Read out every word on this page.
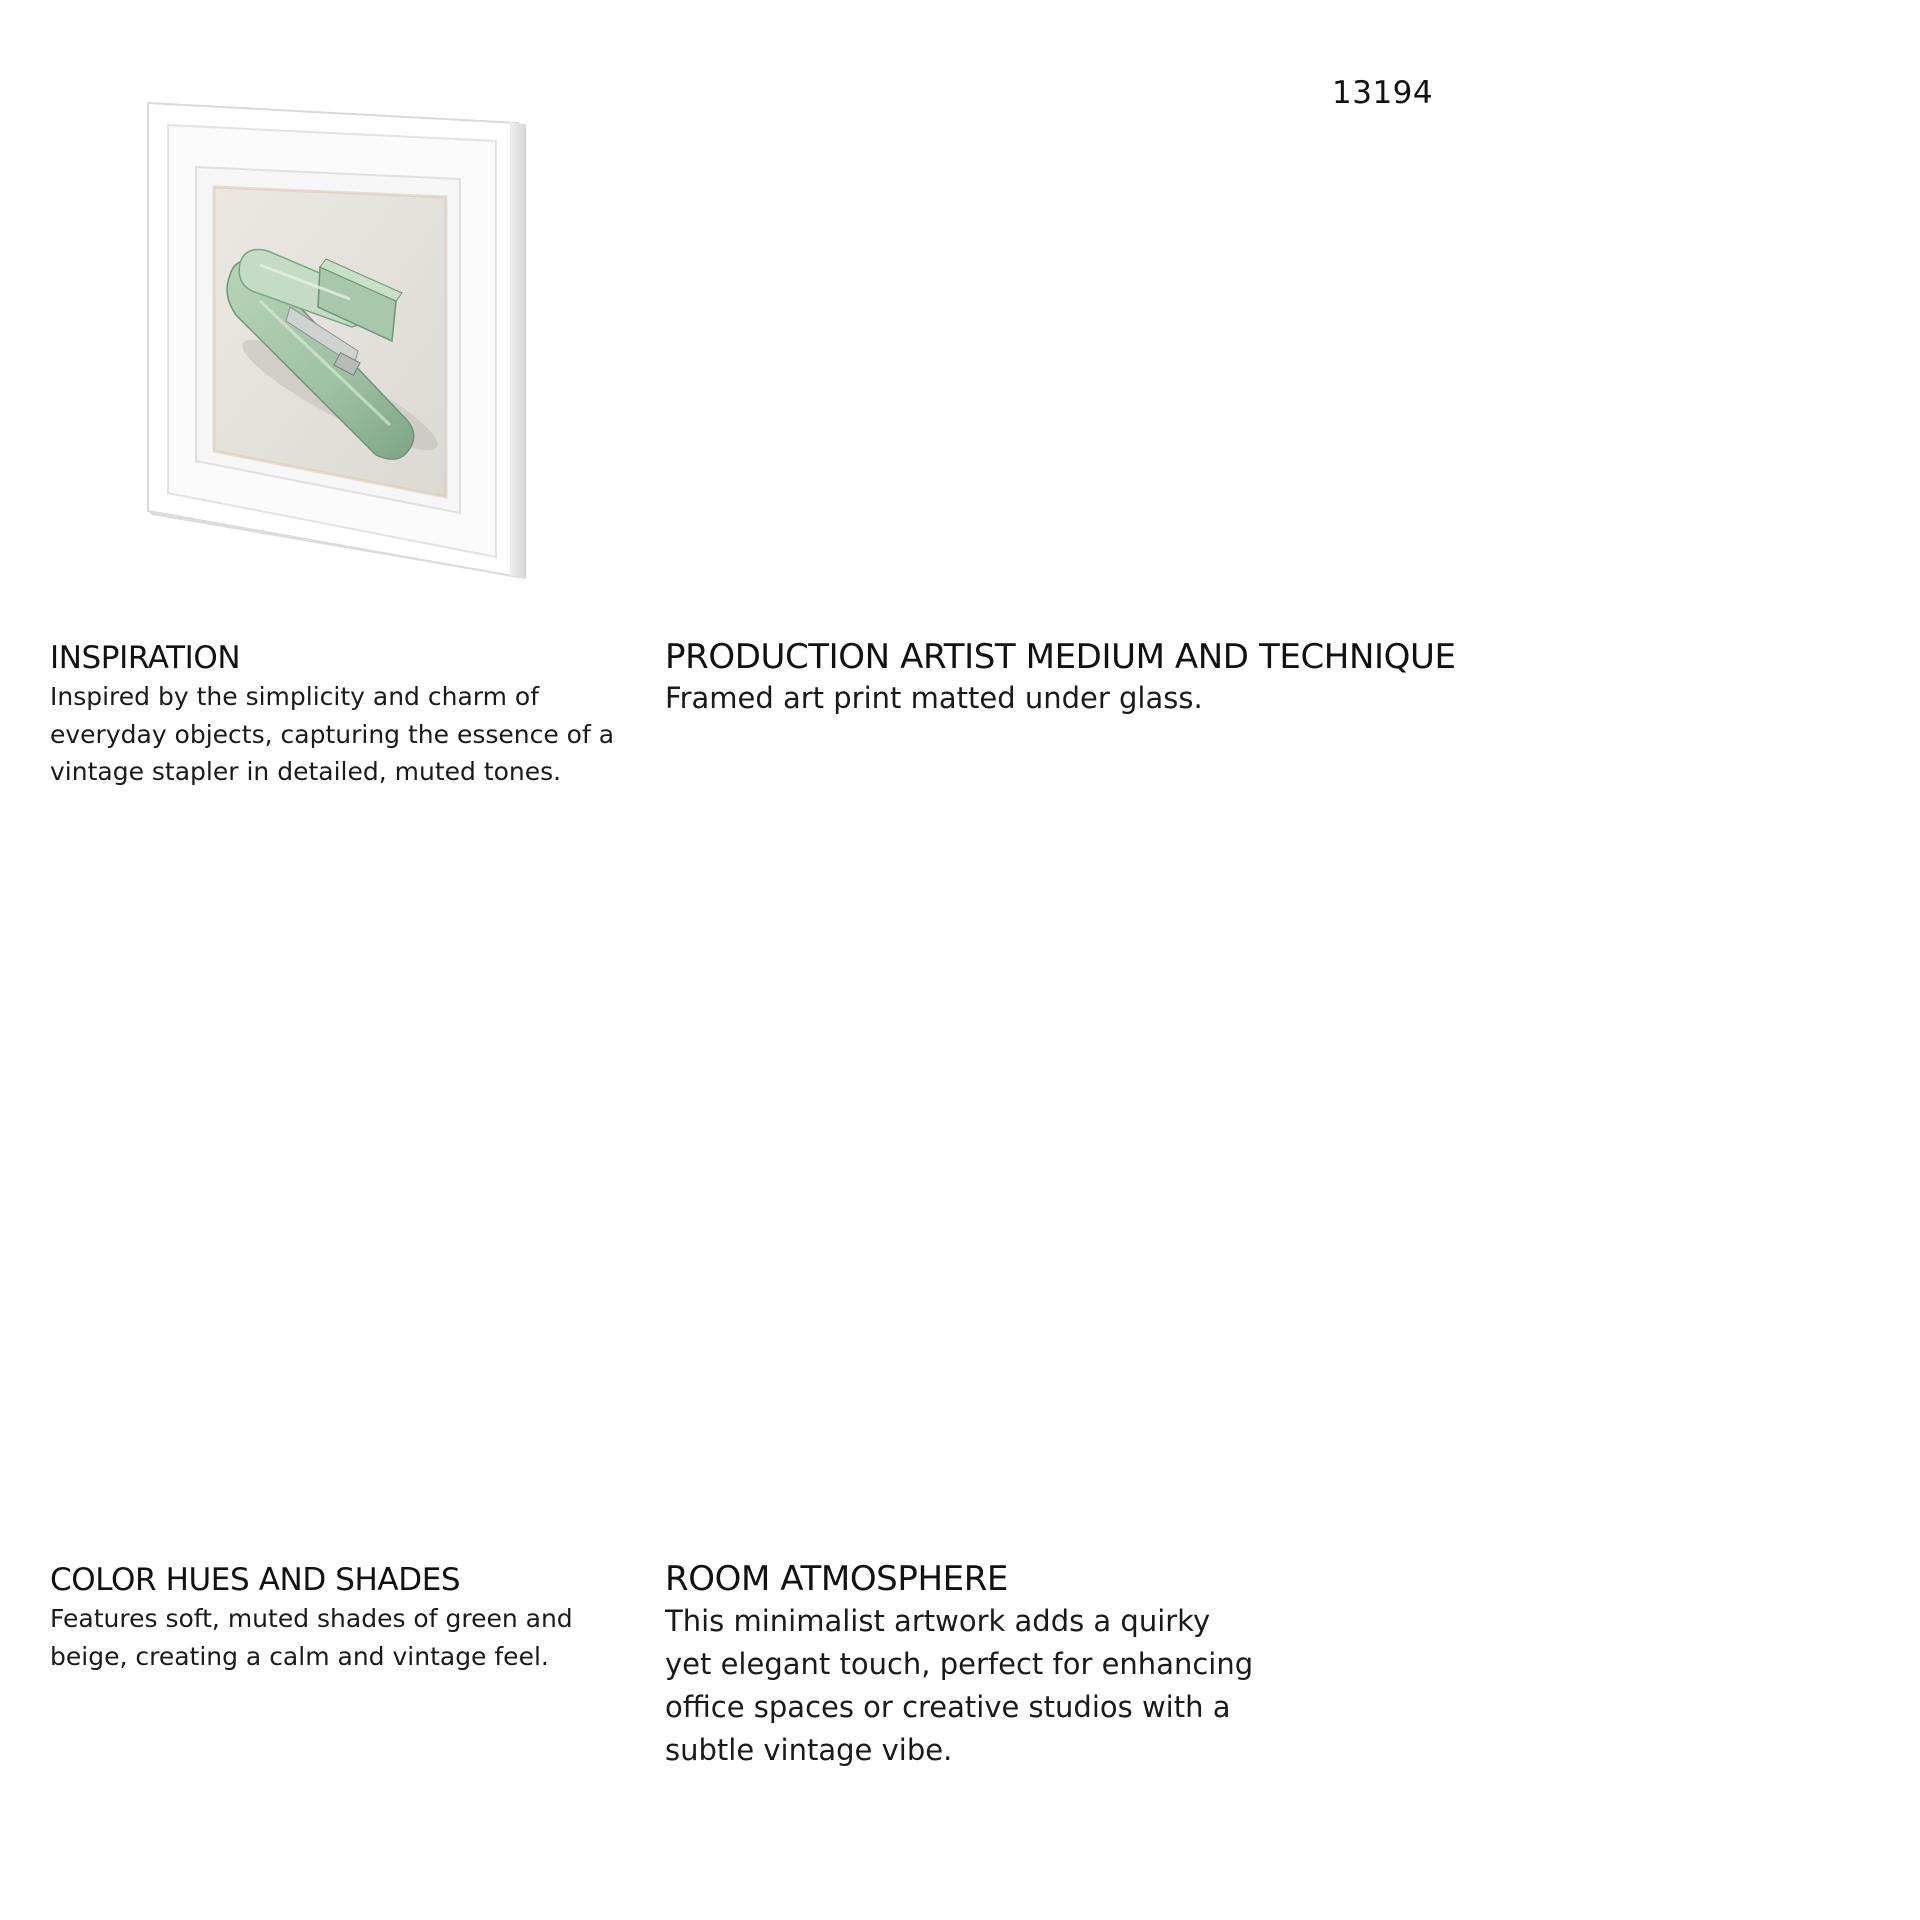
13194
INSPIRATION

Inspired by the simplicity and charm of everyday objects, capturing the essence of a vintage stapler in detailed, muted tones.

PRODUCTION ARTIST MEDIUM AND TECHNIQUE

Framed art print matted under glass.

COLOR HUES AND SHADES

Features soft, muted shades of green and beige, creating a calm and vintage feel.

ROOM ATMOSPHERE

This minimalist artwork adds a quirky yet elegant touch, perfect for enhancing office spaces or creative studios with a subtle vintage vibe.
